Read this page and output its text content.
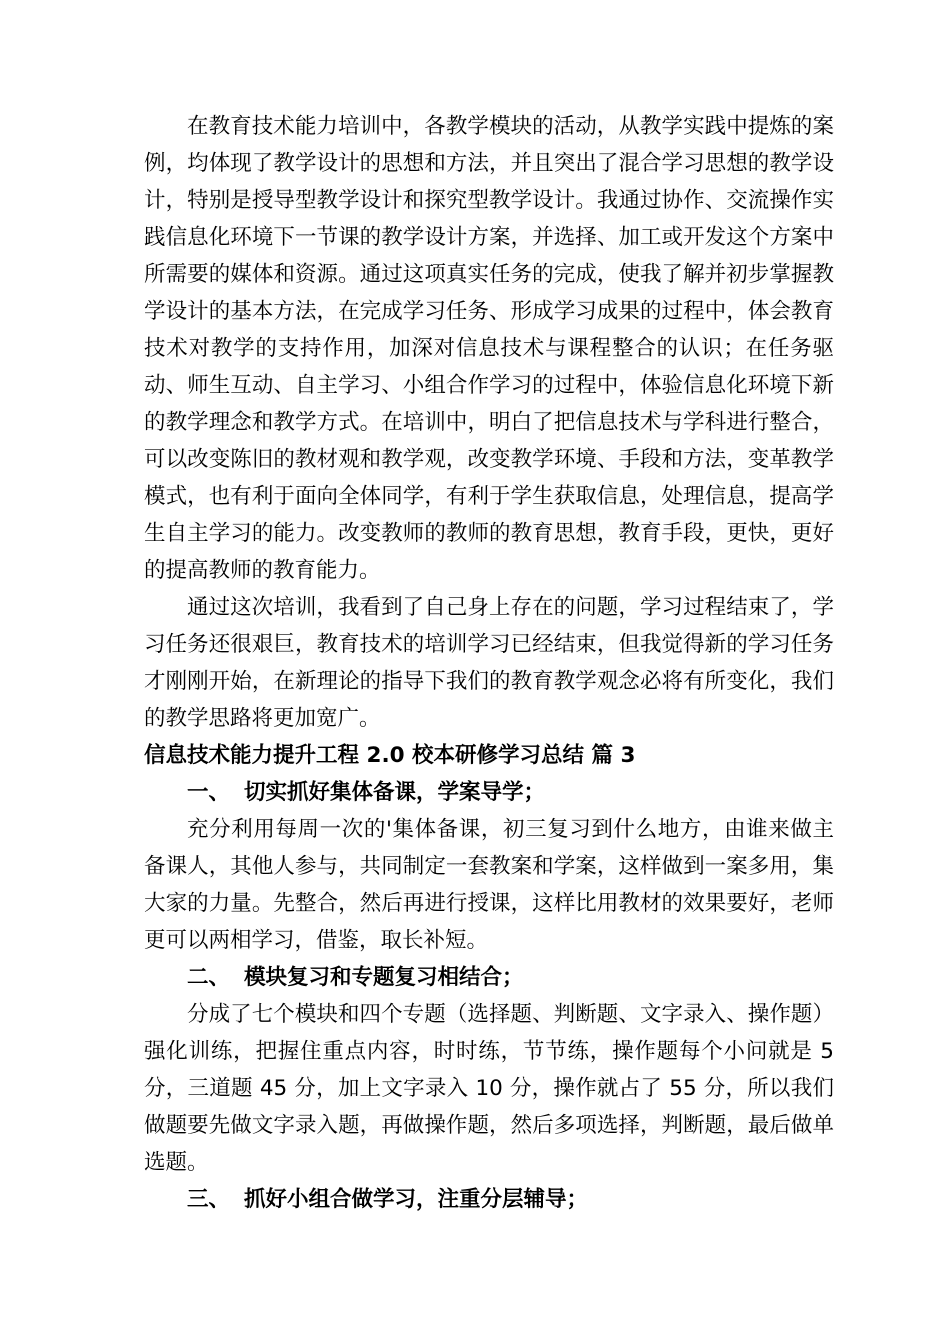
在教育技术能力培训中，各教学模块的活动，从教学实践中提炼的案例，均体现了教学设计的思想和方法，并且突出了混合学习思想的教学设计，特别是授导型教学设计和探究型教学设计。我通过协作、交流操作实践信息化环境下一节课的教学设计方案，并选择、加工或开发这个方案中所需要的媒体和资源。通过这项真实任务的完成，使我了解并初步掌握教学设计的基本方法，在完成学习任务、形成学习成果的过程中，体会教育技术对教学的支持作用，加深对信息技术与课程整合的认识；在任务驱动、师生互动、自主学习、小组合作学习的过程中，体验信息化环境下新的教学理念和教学方式。在培训中，明白了把信息技术与学科进行整合，可以改变陈旧的教材观和教学观，改变教学环境、手段和方法，变革教学模式，也有利于面向全体同学，有利于学生获取信息，处理信息，提高学生自主学习的能力。改变教师的教师的教育思想，教育手段，更快，更好的提高教师的教育能力。

通过这次培训，我看到了自己身上存在的问题，学习过程结束了，学习任务还很艰巨，教育技术的培训学习已经结束，但我觉得新的学习任务才刚刚开始，在新理论的指导下我们的教育教学观念必将有所变化，我们的教学思路将更加宽广。

信息技术能力提升工程 2.0 校本研修学习总结 篇 3

一、 切实抓好集体备课，学案导学；

充分利用每周一次的'集体备课，初三复习到什么地方，由谁来做主备课人，其他人参与，共同制定一套教案和学案，这样做到一案多用，集大家的力量。先整合，然后再进行授课，这样比用教材的效果要好，老师更可以两相学习，借鉴，取长补短。

二、 模块复习和专题复习相结合；

分成了七个模块和四个专题（选择题、判断题、文字录入、操作题）强化训练，把握住重点内容，时时练，节节练，操作题每个小问就是 5 分，三道题 45 分，加上文字录入 10 分，操作就占了 55 分，所以我们做题要先做文字录入题，再做操作题，然后多项选择，判断题，最后做单选题。

三、 抓好小组合做学习，注重分层辅导；
